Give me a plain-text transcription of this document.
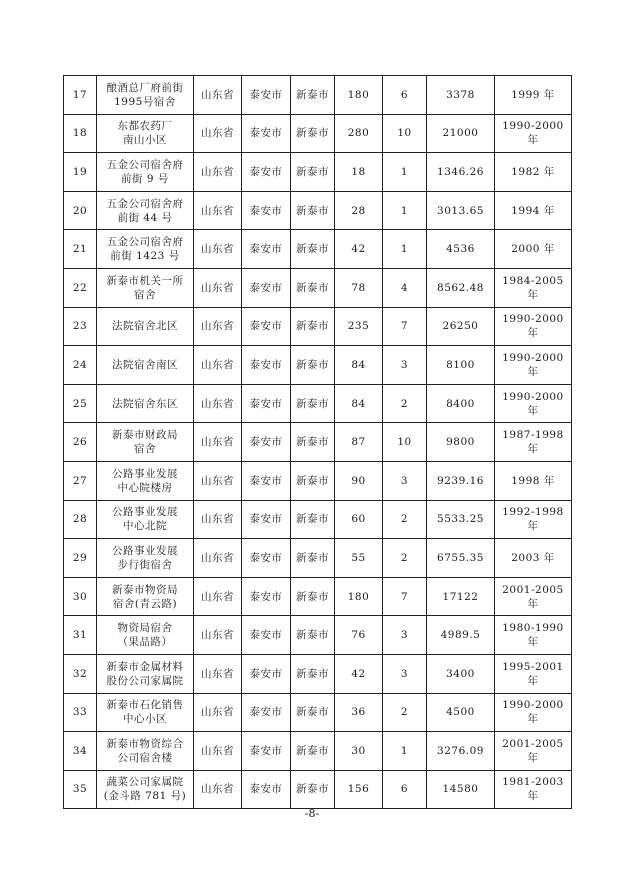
17	酿酒总厂府前街
1995号宿舍	山东省	泰安市	新泰市	180	6	3378	1999 年
18	东都农药厂
南山小区	山东省	泰安市	新泰市	280	10	21000	1990-2000 年
19	五金公司宿舍府
前街 9 号	山东省	泰安市	新泰市	18	1	1346.26	1982 年
20	五金公司宿舍府
前街 44 号	山东省	泰安市	新泰市	28	1	3013.65	1994 年
21	五金公司宿舍府
前街 1423 号	山东省	泰安市	新泰市	42	1	4536	2000 年
22	新泰市机关一所
宿舍	山东省	泰安市	新泰市	78	4	8562.48	1984-2005 年
23	法院宿舍北区	山东省	泰安市	新泰市	235	7	26250	1990-2000 年
24	法院宿舍南区	山东省	泰安市	新泰市	84	3	8100	1990-2000 年
25	法院宿舍东区	山东省	泰安市	新泰市	84	2	8400	1990-2000 年
26	新泰市财政局
宿舍	山东省	泰安市	新泰市	87	10	9800	1987-1998 年
27	公路事业发展
中心院楼房	山东省	泰安市	新泰市	90	3	9239.16	1998 年
28	公路事业发展
中心北院	山东省	泰安市	新泰市	60	2	5533.25	1992-1998 年
29	公路事业发展
步行街宿舍	山东省	泰安市	新泰市	55	2	6755.35	2003 年
30	新泰市物资局
宿舍(青云路)	山东省	泰安市	新泰市	180	7	17122	2001-2005 年
31	物资局宿舍
（果品路）	山东省	泰安市	新泰市	76	3	4989.5	1980-1990 年
32	新泰市金属材料
股份公司家属院	山东省	泰安市	新泰市	42	3	3400	1995-2001 年
33	新泰市石化销售
中心小区	山东省	泰安市	新泰市	36	2	4500	1990-2000 年
34	新泰市物资综合
公司宿舍楼	山东省	泰安市	新泰市	30	1	3276.09	2001-2005 年
35	蔬菜公司家属院
(金斗路 781 号)	山东省	泰安市	新泰市	156	6	14580	1981-2003 年
-8-
